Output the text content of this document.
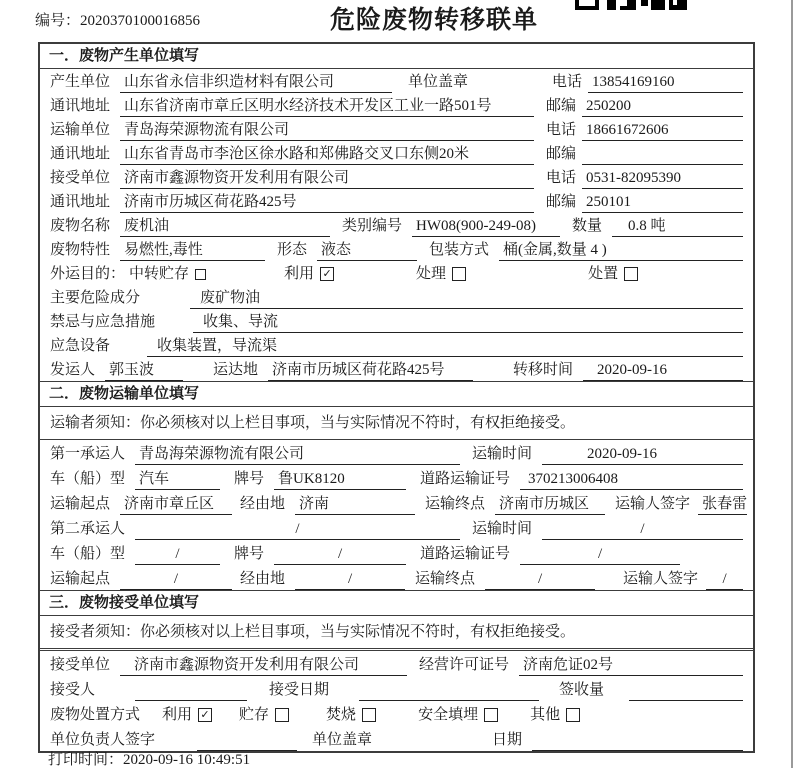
编号：2020370100016856	危险废物转移联单
一．废物产生单位填写
产生单位 山东省永信非织造材料有限公司	单位盖章	电话 13854169160
通讯地址 山东省济南市章丘区明水经济技术开发区工业一路501号	邮编 250200
运输单位 青岛海荣源物流有限公司	电话 18661672606
通讯地址 山东省青岛市李沧区徐水路和郑佛路交叉口东侧20米	邮编
接受单位 济南市鑫源物资开发利用有限公司	电话 0531-82095390
通讯地址 济南市历城区荷花路425号	邮编 250101
废物名称 废机油	类别编号 HW08(900-249-08)	数量	0.8 吨
废物特性 易燃性,毒性	形态 液态	包装方式 桶(金属,数量 4 )
外运目的： 中转贮存	利用 ✓	处理	处置
主要危险成分	废矿物油
禁忌与应急措施	收集、导流
应急设备	收集装置，导流渠
发运人 郭玉波	运达地 济南市历城区荷花路425号	转移时间	2020-09-16
二．废物运输单位填写
运输者须知：你必须核对以上栏目事项，当与实际情况不符时，有权拒绝接受。
第一承运人 青岛海荣源物流有限公司	运输时间	2020-09-16
车（船）型 汽车	牌号 鲁UK8120	道路运输证号	370213006408
运输起点 济南市章丘区	经由地 济南	运输终点 济南市历城区	运输人签字 张春雷
第二承运人	/	运输时间	/
车（船）型	/	牌号	/	道路运输证号	/
运输起点	/	经由地	/	运输终点	/	运输人签字	/
三．废物接受单位填写
接受者须知：你必须核对以上栏目事项，当与实际情况不符时，有权拒绝接受。
接受单位	济南市鑫源物资开发利用有限公司	经营许可证号 济南危证02号
接受人	接受日期	签收量
废物处置方式 利用 ✓ 贮存	焚烧	安全填埋	其他
单位负责人签字	单位盖章	日期
打印时间：2020-09-16 10:49:51
